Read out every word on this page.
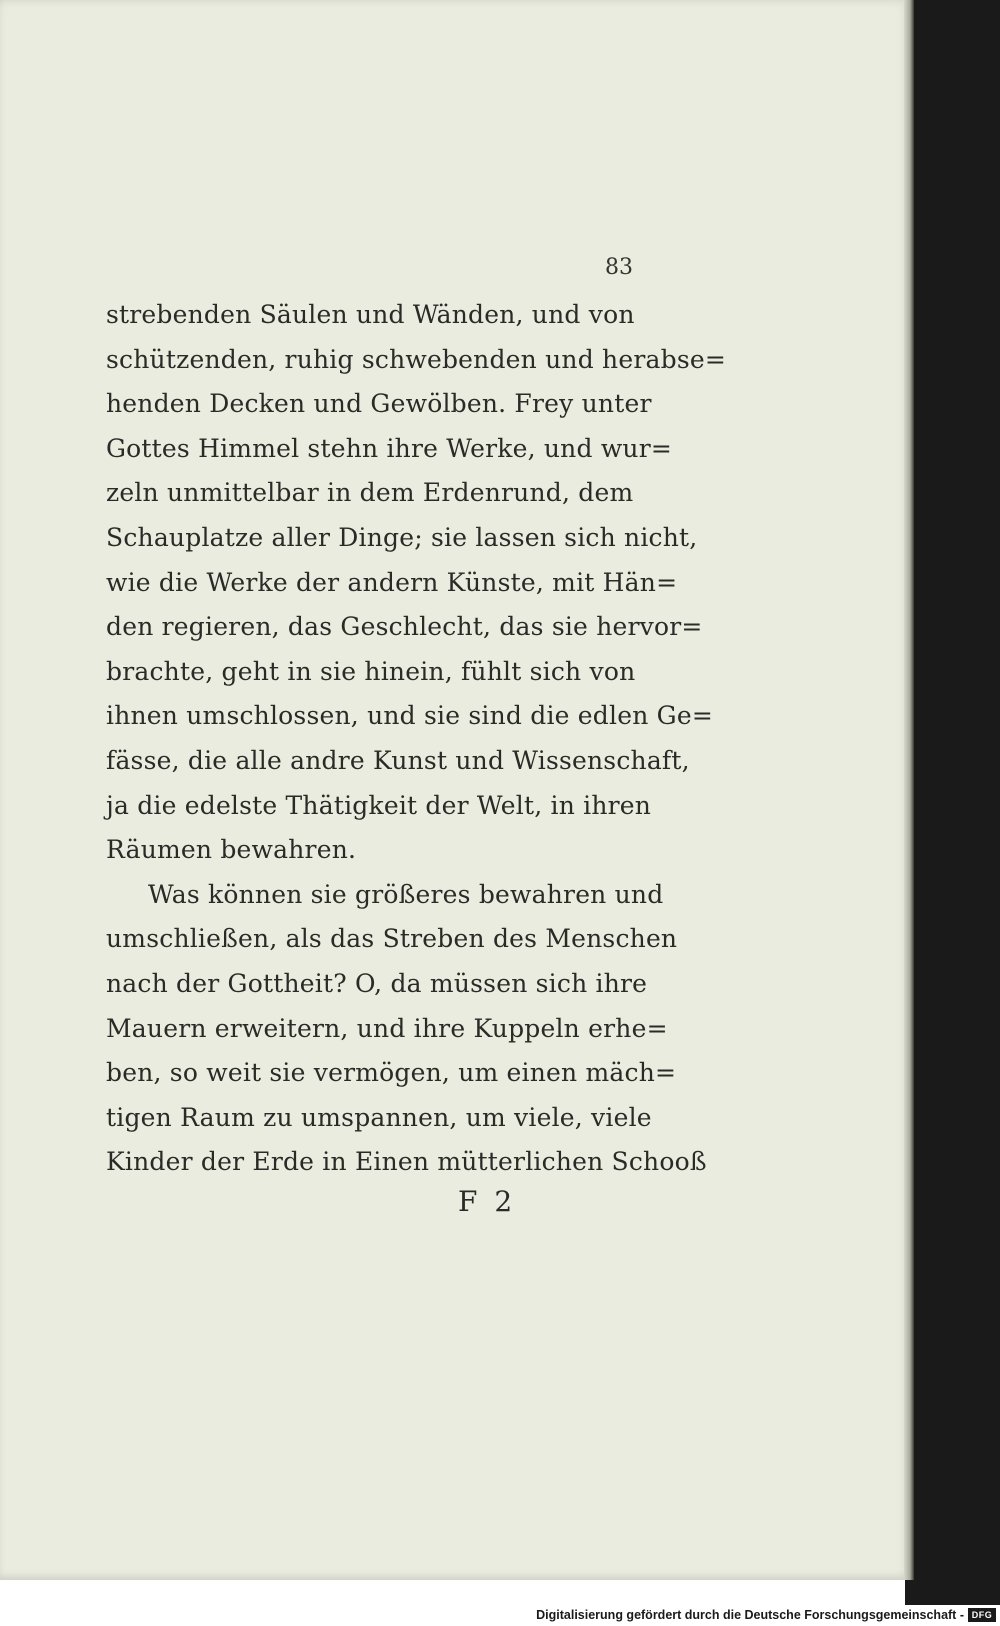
83
strebenden Säulen und Wänden, und von
schützenden, ruhig schwebenden und herabse=
henden Decken und Gewölben. Frey unter
Gottes Himmel stehn ihre Werke, und wur=
zeln unmittelbar in dem Erdenrund, dem
Schauplatze aller Dinge; sie lassen sich nicht,
wie die Werke der andern Künste, mit Hän=
den regieren, das Geschlecht, das sie hervor=
brachte, geht in sie hinein, fühlt sich von
ihnen umschlossen, und sie sind die edlen Ge=
fässe, die alle andre Kunst und Wissenschaft,
ja die edelste Thätigkeit der Welt, in ihren
Räumen bewahren.
Was können sie größeres bewahren und
umschließen, als das Streben des Menschen
nach der Gottheit? O, da müssen sich ihre
Mauern erweitern, und ihre Kuppeln erhe=
ben, so weit sie vermögen, um einen mäch=
tigen Raum zu umspannen, um viele, viele
Kinder der Erde in Einen mütterlichen Schooß
F 2
Digitalisierung gefördert durch die Deutsche Forschungsgemeinschaft - DFG
